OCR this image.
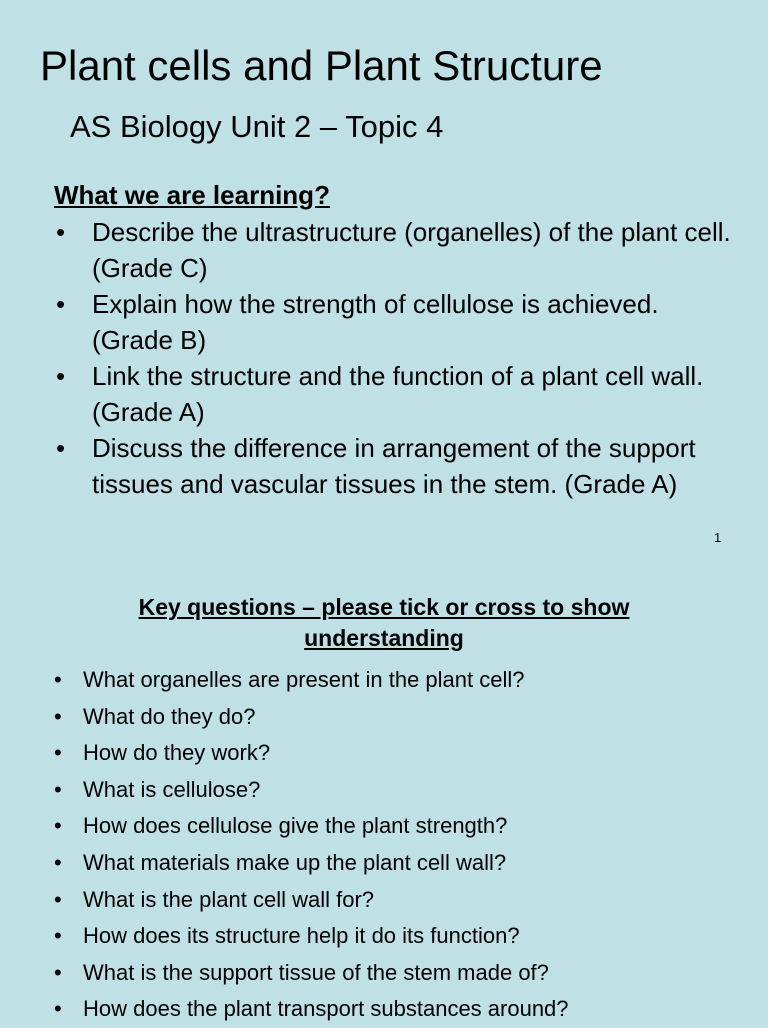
Plant cells and Plant Structure
AS Biology Unit 2 – Topic 4
What we are learning?
• Describe the ultrastructure (organelles) of the plant cell. (Grade C)
• Explain how the strength of cellulose is achieved. (Grade B)
• Link the structure and the function of a plant cell wall. (Grade A)
• Discuss the difference in arrangement of the support tissues and vascular tissues in the stem. (Grade A)
1
Key questions – please tick or cross to show understanding
• What organelles are present in the plant cell?
• What do they do?
• How do they work?
• What is cellulose?
• How does cellulose give the plant strength?
• What materials make up the plant cell wall?
• What is the plant cell wall for?
• How does its structure help it do its function?
• What is the support tissue of the stem made of?
• How does the plant transport substances around?
